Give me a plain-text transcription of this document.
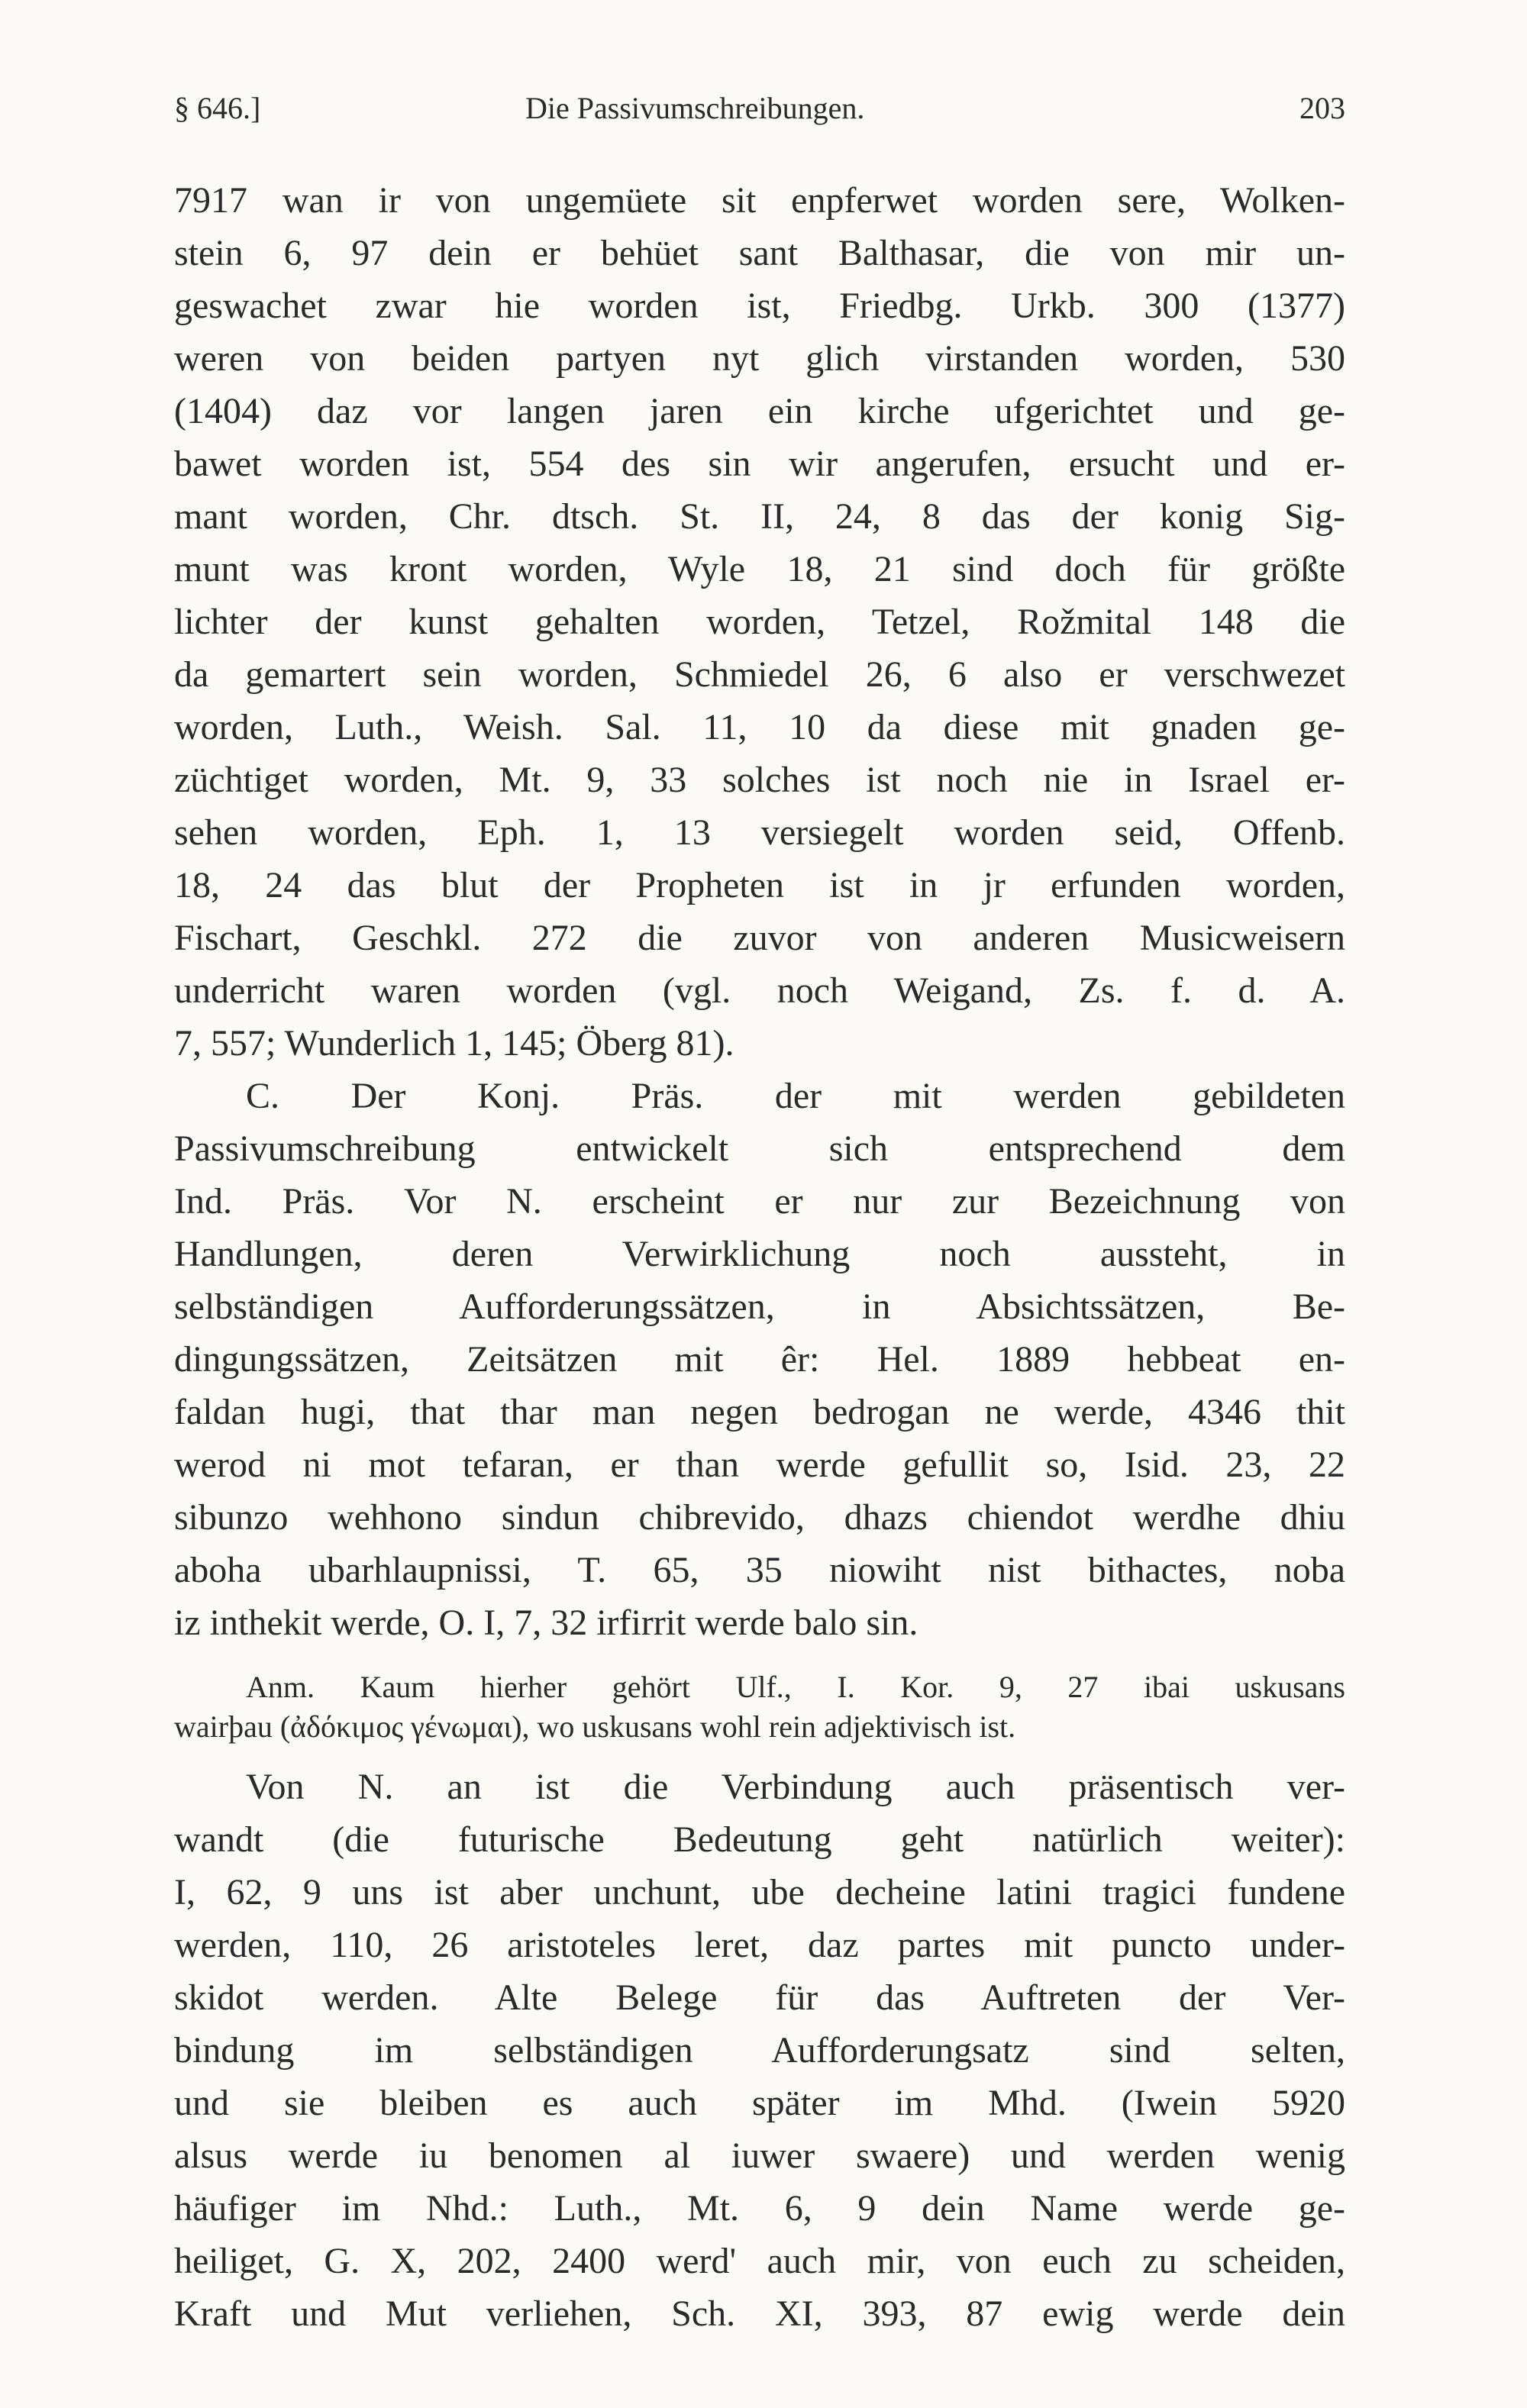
§ 646.]	Die Passivumschreibungen.	203
7917 wan ir von ungemüete sit enpferwet worden sere, Wolken-
stein 6, 97 dein er behüet sant Balthasar, die von mir un-
geswachet zwar hie worden ist, Friedbg. Urkb. 300 (1377)
weren von beiden partyen nyt glich virstanden worden, 530
(1404) daz vor langen jaren ein kirche ufgerichtet und ge-
bawet worden ist, 554 des sin wir angerufen, ersucht und er-
mant worden, Chr. dtsch. St. II, 24, 8 das der konig Sig-
munt was kront worden, Wyle 18, 21 sind doch für größte
lichter der kunst gehalten worden, Tetzel, Rožmital 148 die
da gemartert sein worden, Schmiedel 26, 6 also er verschwezet
worden, Luth., Weish. Sal. 11, 10 da diese mit gnaden ge-
züchtiget worden, Mt. 9, 33 solches ist noch nie in Israel er-
sehen worden, Eph. 1, 13 versiegelt worden seid, Offenb.
18, 24 das blut der Propheten ist in jr erfunden worden,
Fischart, Geschkl. 272 die zuvor von anderen Musicweisern
underricht waren worden (vgl. noch Weigand, Zs. f. d. A.
7, 557; Wunderlich 1, 145; Öberg 81).
C. Der Konj. Präs. der mit werden gebildeten
Passivumschreibung entwickelt sich entsprechend dem
Ind. Präs. Vor N. erscheint er nur zur Bezeichnung von
Handlungen, deren Verwirklichung noch aussteht, in
selbständigen Aufforderungssätzen, in Absichtssätzen, Be-
dingungssätzen, Zeitsätzen mit êr: Hel. 1889 hebbeat en-
faldan hugi, that thar man negen bedrogan ne werde, 4346 thit
werod ni mot tefaran, er than werde gefullit so, Isid. 23, 22
sibunzo wehhono sindun chibrevido, dhazs chiendot werdhe dhiu
aboha ubarhlaupnissi, T. 65, 35 niowiht nist bithactes, noba
iz inthekit werde, O. I, 7, 32 irfirrit werde balo sin.
Anm. Kaum hierher gehört Ulf., I. Kor. 9, 27 ibai uskusans
wairþau (ἀδόκιμος γένωμαι), wo uskusans wohl rein adjektivisch ist.
Von N. an ist die Verbindung auch präsentisch ver-
wandt (die futurische Bedeutung geht natürlich weiter):
I, 62, 9 uns ist aber unchunt, ube decheine latini tragici fundene
werden, 110, 26 aristoteles leret, daz partes mit puncto under-
skidot werden. Alte Belege für das Auftreten der Ver-
bindung im selbständigen Aufforderungsatz sind selten,
und sie bleiben es auch später im Mhd. (Iwein 5920
alsus werde iu benomen al iuwer swaere) und werden wenig
häufiger im Nhd.: Luth., Mt. 6, 9 dein Name werde ge-
heiliget, G. X, 202, 2400 werd' auch mir, von euch zu scheiden,
Kraft und Mut verliehen, Sch. XI, 393, 87 ewig werde dein
